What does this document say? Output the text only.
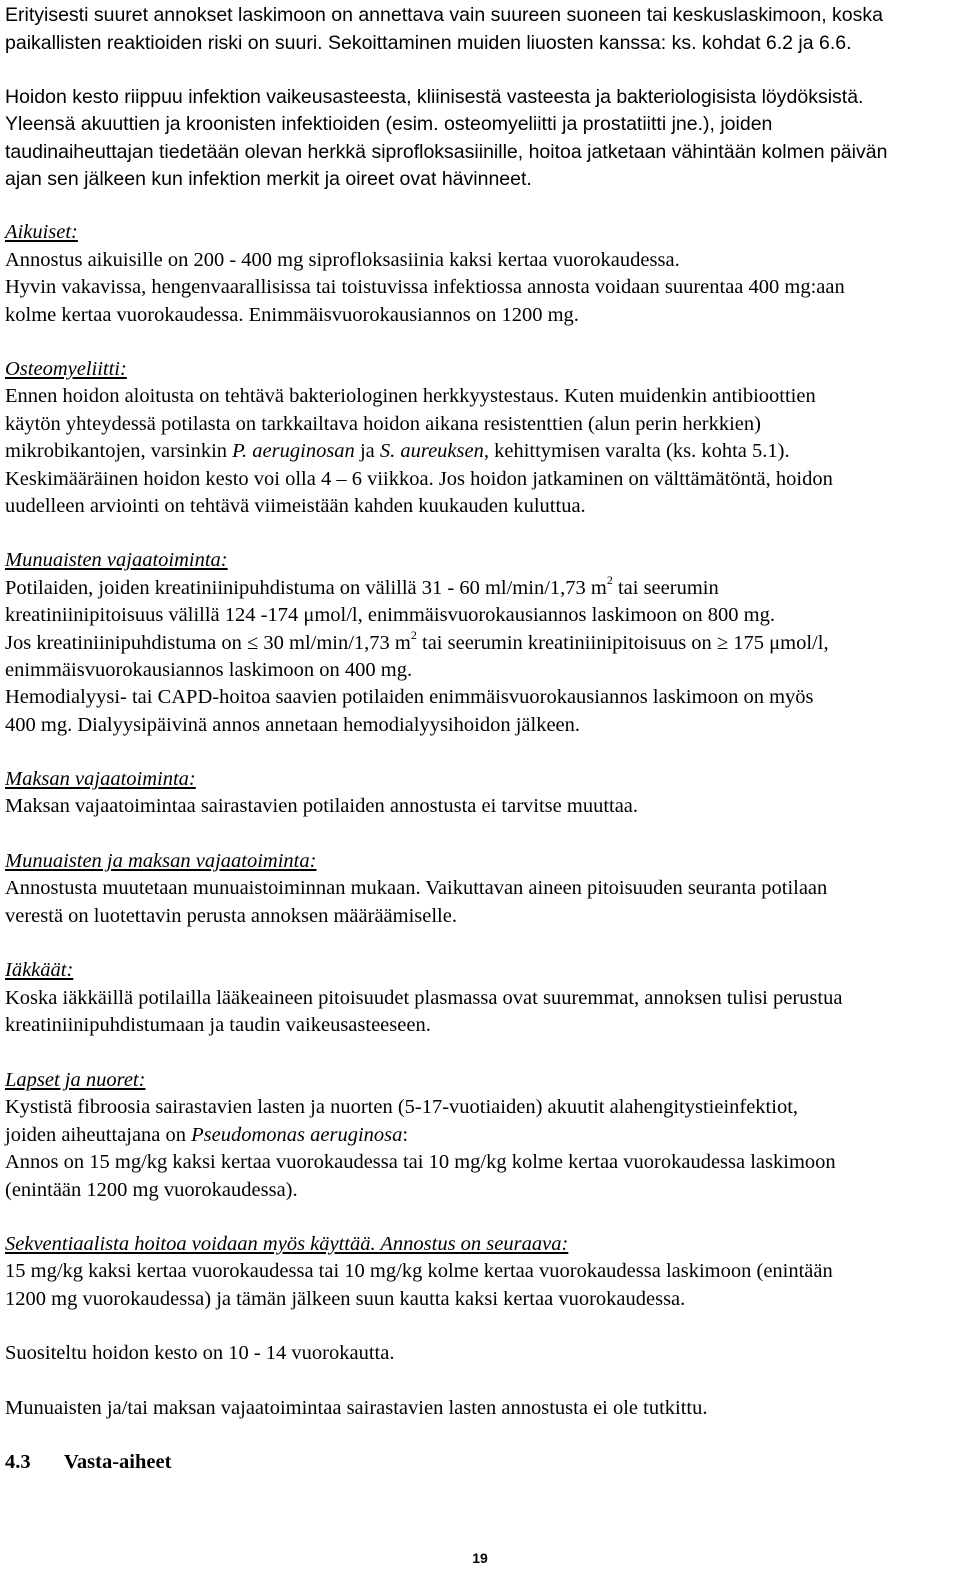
Erityisesti suuret annokset laskimoon on annettava vain suureen suoneen tai keskuslaskimoon, koska
paikallisten reaktioiden riski on suuri. Sekoittaminen muiden liuosten kanssa: ks. kohdat 6.2 ja 6.6.
Hoidon kesto riippuu infektion vaikeusasteesta, kliinisestä vasteesta ja bakteriologisista löydöksistä.
Yleensä akuuttien ja kroonisten infektioiden (esim. osteomyeliitti ja prostatiitti jne.), joiden
taudinaiheuttajan tiedetään olevan herkkä siprofloksasiinille, hoitoa jatketaan vähintään kolmen päivän
ajan sen jälkeen kun infektion merkit ja oireet ovat hävinneet.
Aikuiset:
Annostus aikuisille on 200 - 400 mg siprofloksasiinia kaksi kertaa vuorokaudessa.
Hyvin vakavissa, hengenvaarallisissa tai toistuvissa infektiossa annosta voidaan suurentaa 400 mg:aan
kolme kertaa vuorokaudessa. Enimmäisvuorokausiannos on 1200 mg.
Osteomyeliitti:
Ennen hoidon aloitusta on tehtävä bakteriologinen herkkyystestaus. Kuten muidenkin antibioottien
käytön yhteydessä potilasta on tarkkailtava hoidon aikana resistenttien (alun perin herkkien)
mikrobikantojen, varsinkin P. aeruginosan ja S. aureuksen, kehittymisen varalta (ks. kohta 5.1).
Keskimääräinen hoidon kesto voi olla 4 – 6 viikkoa. Jos hoidon jatkaminen on välttämätöntä, hoidon
uudelleen arviointi on tehtävä viimeistään kahden kuukauden kuluttua.
Munuaisten vajaatoiminta:
Potilaiden, joiden kreatiniinipuhdistuma on välillä 31 - 60 ml/min/1,73 $m^2$ tai seerumin
kreatiniinipitoisuus välillä 124 -174 μmol/l, enimmäisvuorokausiannos laskimoon on 800 mg.
Jos kreatiniinipuhdistuma on ≤ 30 ml/min/1,73 $m^2$ tai seerumin kreatiniinipitoisuus on ≥ 175 μmol/l,
enimmäisvuorokausiannos laskimoon on 400 mg.
Hemodialyysi- tai CAPD-hoitoa saavien potilaiden enimmäisvuorokausiannos laskimoon on myös
400 mg. Dialyysipäivinä annos annetaan hemodialyysihoidon jälkeen.
Maksan vajaatoiminta:
Maksan vajaatoimintaa sairastavien potilaiden annostusta ei tarvitse muuttaa.
Munuaisten ja maksan vajaatoiminta:
Annostusta muutetaan munuaistoiminnan mukaan. Vaikuttavan aineen pitoisuuden seuranta potilaan
verestä on luotettavin perusta annoksen määräämiselle.
Iäkkäät:
Koska iäkkäillä potilailla lääkeaineen pitoisuudet plasmassa ovat suuremmat, annoksen tulisi perustua
kreatiniinipuhdistumaan ja taudin vaikeusasteeseen.
Lapset ja nuoret:
Kystistä fibroosia sairastavien lasten ja nuorten (5-17-vuotiaiden) akuutit alahengitystieinfektiot,
joiden aiheuttajana on Pseudomonas aeruginosa:
Annos on 15 mg/kg kaksi kertaa vuorokaudessa tai 10 mg/kg kolme kertaa vuorokaudessa laskimoon
(enintään 1200 mg vuorokaudessa).
Sekventiaalista hoitoa voidaan myös käyttää. Annostus on seuraava:
15 mg/kg kaksi kertaa vuorokaudessa tai 10 mg/kg kolme kertaa vuorokaudessa laskimoon (enintään
1200 mg vuorokaudessa) ja tämän jälkeen suun kautta kaksi kertaa vuorokaudessa.
Suositeltu hoidon kesto on 10 - 14 vuorokautta.
Munuaisten ja/tai maksan vajaatoimintaa sairastavien lasten annostusta ei ole tutkittu.
4.3 Vasta-aiheet
19
